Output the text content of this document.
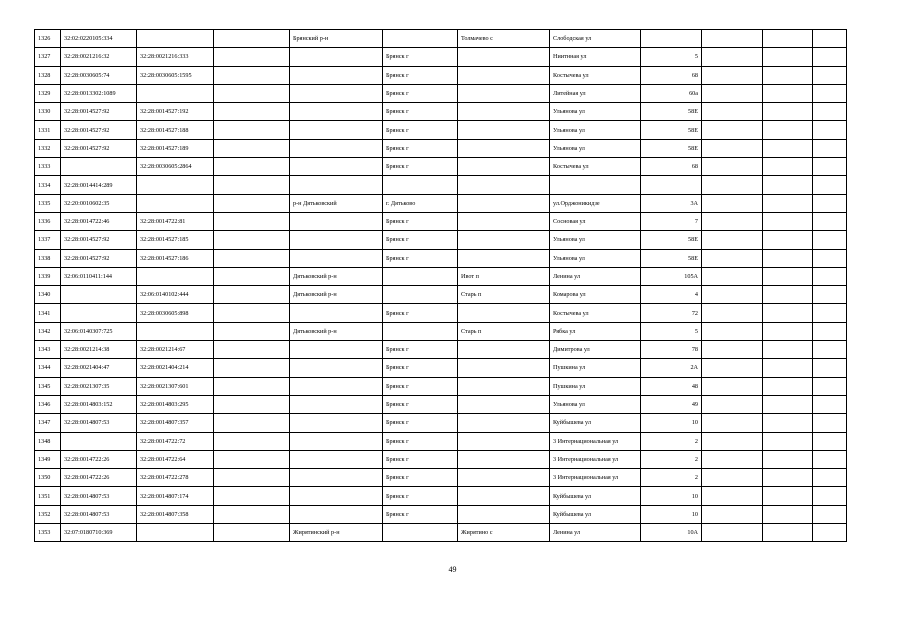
1326	32:02:0220105:334			Брянский р-н		Толмачево с	Слободская ул				
1327	32:28:0021216:32	32:28:0021216:333			Брянск г		Ниитнная ул	5			
1328	32:28:0030605:74	32:28:0030605:1595			Брянск г		Костычева ул	68			
1329	32:28:0013302:1089				Брянск г		Литейная ул	60а			
1330	32:28:0014527:92	32:28:0014527:192			Брянск г		Ульянова ул	58Е			
1331	32:28:0014527:92	32:28:0014527:188			Брянск г		Ульянова ул	58Е			
1332	32:28:0014527:92	32:28:0014527:189			Брянск г		Ульянова ул	58Е			
1333		32:28:0030605:2864			Брянск г		Костычева ул	68			
1334	32:28:0014414:289										
1335	32:20:0010602:35			р-н Дятьковский	г. Дятьково		ул.Орджоникидзе	3А			
1336	32:28:0014722:46	32:28:0014722:81			Брянск г		Сосновая ул	7			
1337	32:28:0014527:92	32:28:0014527:185			Брянск г		Ульянова ул	58Е			
1338	32:28:0014527:92	32:28:0014527:186			Брянск г		Ульянова ул	58Е			
1339	32:06:0110411:144			Дятьковский р-н		Ивот п	Ленина ул	105А			
1340		32:06:0140102:444		Дятьковский р-н		Старь п	Комарова ул	4			
1341		32:28:0030605:898			Брянск г		Костычева ул	72			
1342	32:06:0140307:725			Дятьковский р-н		Старь п	Рябка ул	5			
1343	32:28:0021214:38	32:28:0021214:67			Брянск г		Димитрова ул	78			
1344	32:28:0021404:47	32:28:0021404:214			Брянск г		Пушкина ул	2А			
1345	32:28:0021307:35	32:28:0021307:601			Брянск г		Пушкина ул	48			
1346	32:28:0014803:152	32:28:0014803:295			Брянск г		Ульянова ул	49			
1347	32:28:0014807:53	32:28:0014807:357			Брянск г		Куйбышева ул	10			
1348		32:28:0014722:72			Брянск г		3 Интернациональная ул	2			
1349	32:28:0014722:26	32:28:0014722:64			Брянск г		3 Интернациональная ул	2			
1350	32:28:0014722:26	32:28:0014722:278			Брянск г		3 Интернациональная ул	2			
1351	32:28:0014807:53	32:28:0014807:174			Брянск г		Куйбышева ул	10			
1352	32:28:0014807:53	32:28:0014807:358			Брянск г		Куйбышева ул	10			
1353	32:07:0180710:369			Жирятинский р-н		Жирятино с	Ленина ул	10А			
49
